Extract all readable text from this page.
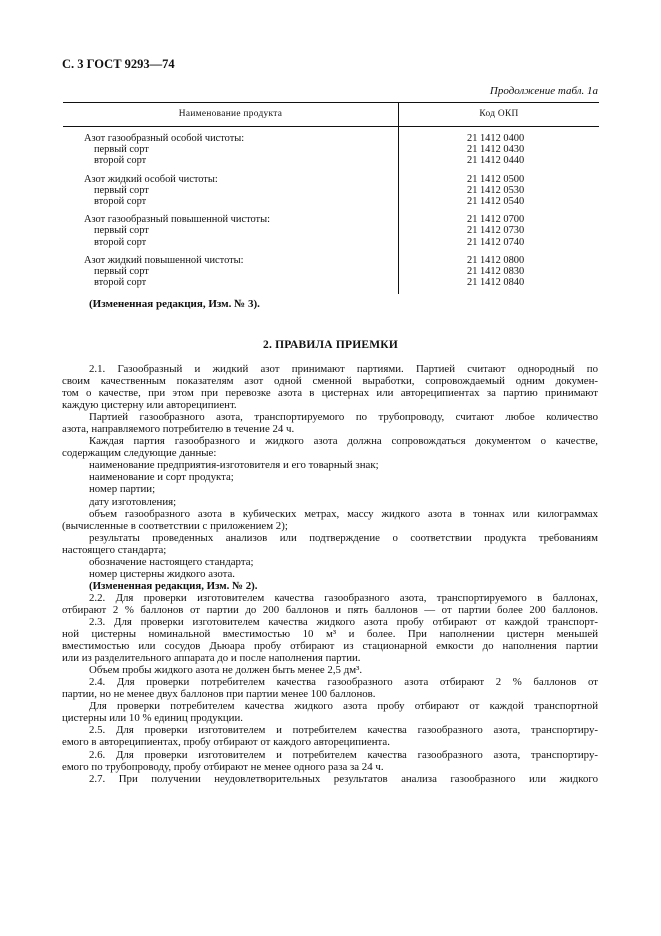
С. 3 ГОСТ 9293—74
Продолжение табл. 1а
Наименование продукта	Код ОКП
Азот газообразный особой чистоты:	21 1412 0400
первый сорт	21 1412 0430
второй сорт	21 1412 0440
Азот жидкий особой чистоты:	21 1412 0500
первый сорт	21 1412 0530
второй сорт	21 1412 0540
Азот газообразный повышенной чистоты:	21 1412 0700
первый сорт	21 1412 0730
второй сорт	21 1412 0740
Азот жидкий повышенной чистоты:	21 1412 0800
первый сорт	21 1412 0830
второй сорт	21 1412 0840
(Измененная редакция, Изм. № 3).
2. ПРАВИЛА ПРИЕМКИ

2.1. Газообразный и жидкий азот принимают партиями. Партией считают однородный по

своим качественным показателям азот одной сменной выработки, сопровождаемый одним докумен-

том о качестве, при этом при перевозке азота в цистернах или автореципиентах за партию принимают

каждую цистерну или автореципиент.

Партией газообразного азота, транспортируемого по трубопроводу, считают любое количество

азота, направляемого потребителю в течение 24 ч.

Каждая партия газообразного и жидкого азота должна сопровождаться документом о качестве,

содержащим следующие данные:

наименование предприятия-изготовителя и его товарный знак;

наименование и сорт продукта;

номер партии;

дату изготовления;

объем газообразного азота в кубических метрах, массу жидкого азота в тоннах или килограммах

(вычисленные в соответствии с приложением 2);

результаты проведенных анализов или подтверждение о соответствии продукта требованиям

настоящего стандарта;

обозначение настоящего стандарта;

номер цистерны жидкого азота.

(Измененная редакция, Изм. № 2).

2.2. Для проверки изготовителем качества газообразного азота, транспортируемого в баллонах,

отбирают 2 % баллонов от партии до 200 баллонов и пять баллонов — от партии более 200 баллонов.

2.3. Для проверки изготовителем качества жидкого азота пробу отбирают от каждой транспорт-

ной цистерны номинальной вместимостью 10 м³ и более. При наполнении цистерн меньшей

вместимостью или сосудов Дьюара пробу отбирают из стационарной емкости до наполнения партии

или из разделительного аппарата до и после наполнения партии.

Объем пробы жидкого азота не должен быть менее 2,5 дм³.

2.4. Для проверки потребителем качества газообразного азота отбирают 2 % баллонов от

партии, но не менее двух баллонов при партии менее 100 баллонов.

Для проверки потребителем качества жидкого азота пробу отбирают от каждой транспортной

цистерны или 10 % единиц продукции.

2.5. Для проверки изготовителем и потребителем качества газообразного азота, транспортиру-

емого в автореципиентах, пробу отбирают от каждого автореципиента.

2.6. Для проверки изготовителем и потребителем качества газообразного азота, транспортиру-

емого по трубопроводу, пробу отбирают не менее одного раза за 24 ч.

2.7. При получении неудовлетворительных результатов анализа газообразного или жидкого
